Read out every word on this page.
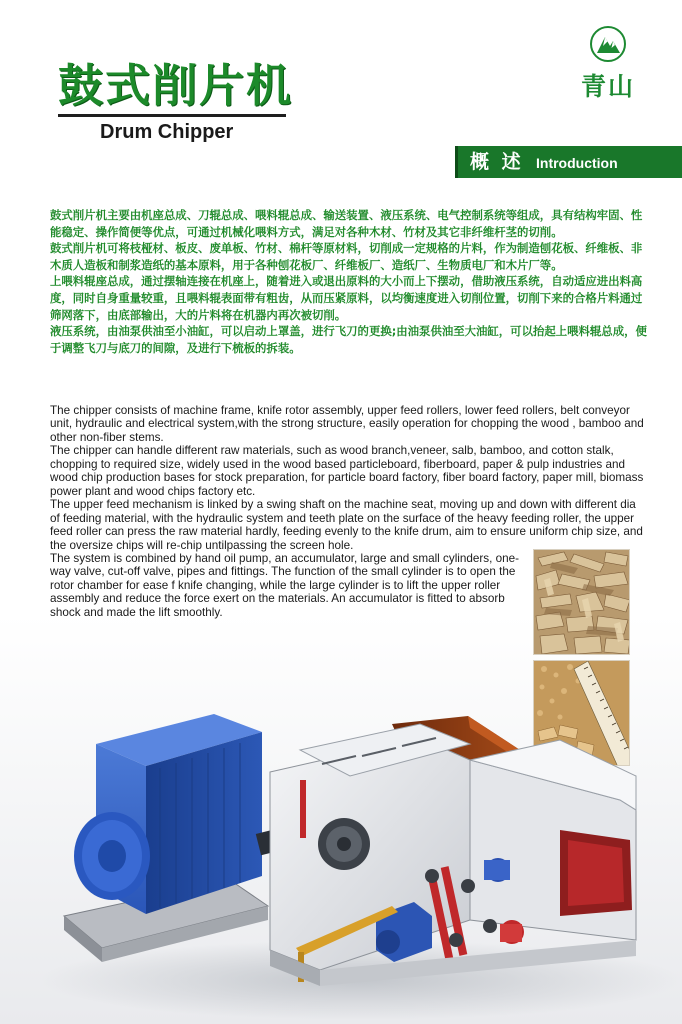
鼓式削片机
Drum Chipper
青山
概 述 Introduction

鼓式削片机主要由机座总成、刀辊总成、喂料辊总成、输送装置、液压系统、电气控制系统等组成，具有结构牢固、性能稳定、操作简便等优点，可通过机械化喂料方式，满足对各种木材、竹材及其它非纤维杆茎的切削。

鼓式削片机可将枝桠材、板皮、废单板、竹材、棉杆等原材料，切削成一定规格的片料，作为制造刨花板、纤维板、非木质人造板和制浆造纸的基本原料，用于各种刨花板厂、纤维板厂、造纸厂、生物质电厂和木片厂等。

上喂料辊座总成，通过摆轴连接在机座上，随着进入或退出原料的大小而上下摆动，借助液压系统，自动适应进出料高度，同时自身重量较重，且喂料辊表面带有粗齿，从而压紧原料，以均衡速度进入切削位置，切削下来的合格片料通过筛网落下，由底部输出，大的片料将在机器内再次被切削。

液压系统，由油泵供油至小油缸，可以启动上罩盖，进行飞刀的更换;由油泵供油至大油缸，可以抬起上喂料辊总成，便于调整飞刀与底刀的间隙，及进行下梳板的拆装。

The chipper consists of machine frame, knife rotor assembly, upper feed rollers, lower feed rollers, belt conveyor unit, hydraulic and electrical system,with the strong structure, easily operation for chopping the wood , bamboo and other non-fiber stems.

The chipper can handle different raw materials, such as wood branch,veneer, salb, bamboo, and cotton stalk, chopping to required size, widely used in the wood based particleboard, fiberboard, paper & pulp industries and wood chip production bases for stock preparation, for particle board factory, fiber board factory, paper mill, biomass power plant and wood chips factory etc.

The upper feed mechanism is linked by a swing shaft on the machine seat, moving up and down with different dia of feeding material, with the hydraulic system and teeth plate on the surface of the heavy feeding roller, the upper feed roller can press the raw material hardly, feeding evenly to the knife drum, aim to ensure uniform chip size, and the oversize chips will re-chip untilpassing the screen hole.

The system is combined by hand oil pump, an accumulator, large and small cylinders, one-way valve, cut-off valve, pipes and fittings. The function of the small cylinder is to open the rotor chamber for ease f knife changing, while the large cylinder is to lift the upper roller assembly and reduce the force exert on the materials. An accumulator is fitted to absorb shock and made the lift smoothly.
